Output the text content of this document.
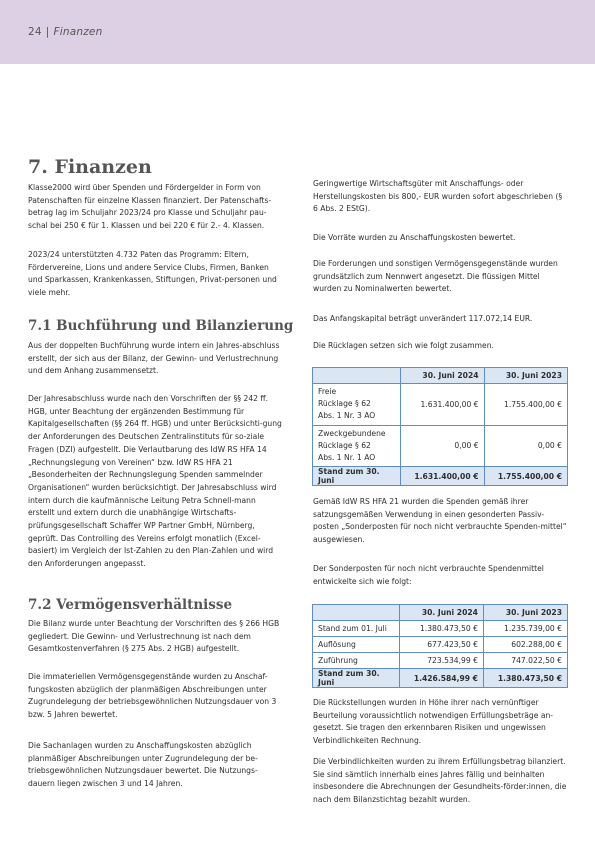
24 | Finanzen
7. Finanzen

Klasse2000 wird über Spenden und Fördergelder in Form von Patenschaften für einzelne Klassen finanziert. Der Patenschafts-betrag lag im Schuljahr 2023/24 pro Klasse und Schuljahr pau-schal bei 250 € für 1. Klassen und bei 220 € für 2.- 4. Klassen.

2023/24 unterstützten 4.732 Paten das Programm: Eltern, Fördervereine, Lions und andere Service Clubs, Firmen, Banken und Sparkassen, Krankenkassen, Stiftungen, Privat-personen und viele mehr.

7.1 Buchführung und Bilanzierung

Aus der doppelten Buchführung wurde intern ein Jahres-abschluss erstellt, der sich aus der Bilanz, der Gewinn- und Verlustrechnung und dem Anhang zusammensetzt.

Der Jahresabschluss wurde nach den Vorschriften der §§ 242 ff. HGB, unter Beachtung der ergänzenden Bestimmung für Kapitalgesellschaften (§§ 264 ff. HGB) und unter Berücksichti-gung der Anforderungen des Deutschen Zentralinstituts für so-ziale Fragen (DZI) aufgestellt. Die Verlautbarung des IdW RS HFA 14 „Rechnungslegung von Vereinen“ bzw. IdW RS HFA 21 „Besonderheiten der Rechnungslegung Spenden sammelnder Organisationen“ wurden berücksichtigt. Der Jahresabschluss wird intern durch die kaufmännische Leitung Petra Schnell-mann erstellt und extern durch die unabhängige Wirtschafts-prüfungsgesellschaft Schaffer WP Partner GmbH, Nürnberg, geprüft. Das Controlling des Vereins erfolgt monatlich (Excel-basiert) im Vergleich der Ist-Zahlen zu den Plan-Zahlen und wird den Anforderungen angepasst.

7.2 Vermögensverhältnisse

Die Bilanz wurde unter Beachtung der Vorschriften des § 266 HGB gegliedert. Die Gewinn- und Verlustrechnung ist nach dem Gesamtkostenverfahren (§ 275 Abs. 2 HGB) aufgestellt.

Die immateriellen Vermögensgegenstände wurden zu Anschaf-fungskosten abzüglich der planmäßigen Abschreibungen unter Zugrundelegung der betriebsgewöhnlichen Nutzungsdauer von 3 bzw. 5 Jahren bewertet.

Die Sachanlagen wurden zu Anschaffungskosten abzüglich planmäßiger Abschreibungen unter Zugrundelegung der be-triebsgewöhnlichen Nutzungsdauer bewertet. Die Nutzungs-dauern liegen zwischen 3 und 14 Jahren.

Geringwertige Wirtschaftsgüter mit Anschaffungs- oder Herstellungskosten bis 800,- EUR wurden sofort abgeschrieben (§ 6 Abs. 2 EStG).

Die Vorräte wurden zu Anschaffungskosten bewertet.

Die Forderungen und sonstigen Vermögensgegenstände wurden grundsätzlich zum Nennwert angesetzt. Die flüssigen Mittel wurden zu Nominalwerten bewertet.

Das Anfangskapital beträgt unverändert 117.072,14 EUR.

Die Rücklagen setzen sich wie folgt zusammen.

	30. Juni 2024	30. Juni 2023
Freie
Rücklage § 62
Abs. 1 Nr. 3 AO	1.631.400,00 €	1.755.400,00 €
Zweckgebundene
Rücklage § 62
Abs. 1 Nr. 1 AO	0,00 €	0,00 €
Stand zum 30. Juni	1.631.400,00 €	1.755.400,00 €

Gemäß IdW RS HFA 21 wurden die Spenden gemäß ihrer satzungsgemäßen Verwendung in einen gesonderten Passiv-posten „Sonderposten für noch nicht verbrauchte Spenden-mittel“ ausgewiesen.

Der Sonderposten für noch nicht verbrauchte Spendenmittel entwickelte sich wie folgt:

	30. Juni 2024	30. Juni 2023
Stand zum 01. Juli	1.380.473,50 €	1.235.739,00 €
Auflösung	677.423,50 €	602.288,00 €
Zuführung	723.534,99 €	747.022,50 €
Stand zum 30. Juni	1.426.584,99 €	1.380.473,50 €

Die Rückstellungen wurden in Höhe ihrer nach vernünftiger Beurteilung voraussichtlich notwendigen Erfüllungsbeträge an-gesetzt. Sie tragen den erkennbaren Risiken und ungewissen Verbindlichkeiten Rechnung.

Die Verbindlichkeiten wurden zu ihrem Erfüllungsbetrag bilanziert. Sie sind sämtlich innerhalb eines Jahres fällig und beinhalten insbesondere die Abrechnungen der Gesundheits-förder:innen, die nach dem Bilanzstichtag bezahlt wurden.
